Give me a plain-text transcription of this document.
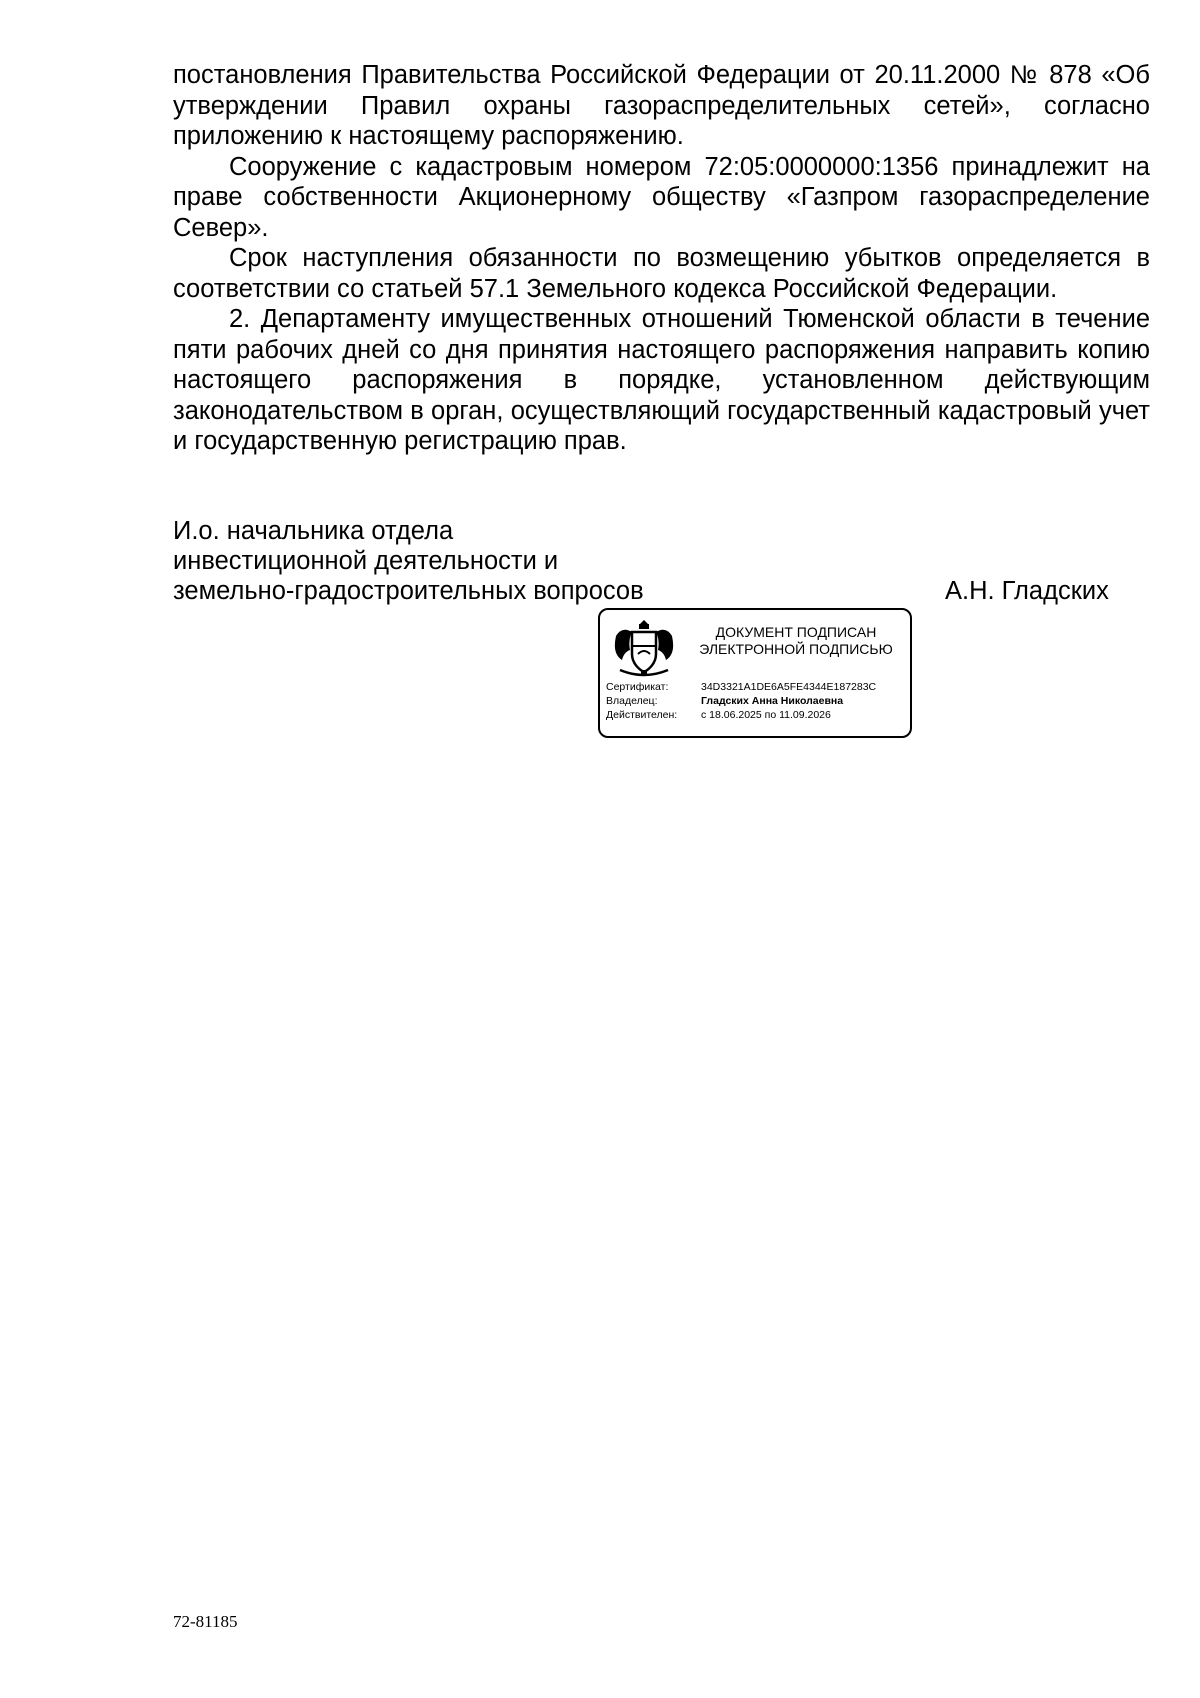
постановления Правительства Российской Федерации от 20.11.2000 № 878 «Об утверждении Правил охраны газораспределительных сетей», согласно приложению к настоящему распоряжению.

Сооружение с кадастровым номером 72:05:0000000:1356 принадлежит на праве собственности Акционерному обществу «Газпром газораспределение Север».

Срок наступления обязанности по возмещению убытков определяется в соответствии со статьей 57.1 Земельного кодекса Российской Федерации.

2. Департаменту имущественных отношений Тюменской области в течение пяти рабочих дней со дня принятия настоящего распоряжения направить копию настоящего распоряжения в порядке, установленном действующим законодательством в орган, осуществляющий государственный кадастровый учет и государственную регистрацию прав.

И.о. начальника отдела
инвестиционной деятельности и
земельно-градостроительных вопросов	А.Н. Гладских
ДОКУМЕНТ ПОДПИСАН
ЭЛЕКТРОННОЙ ПОДПИСЬЮ
Сертификат:	34D3321A1DE6A5FE4344E187283C
Владелец:	Гладских Анна Николаевна
Действителен:	с 18.06.2025 по 11.09.2026
72-81185
